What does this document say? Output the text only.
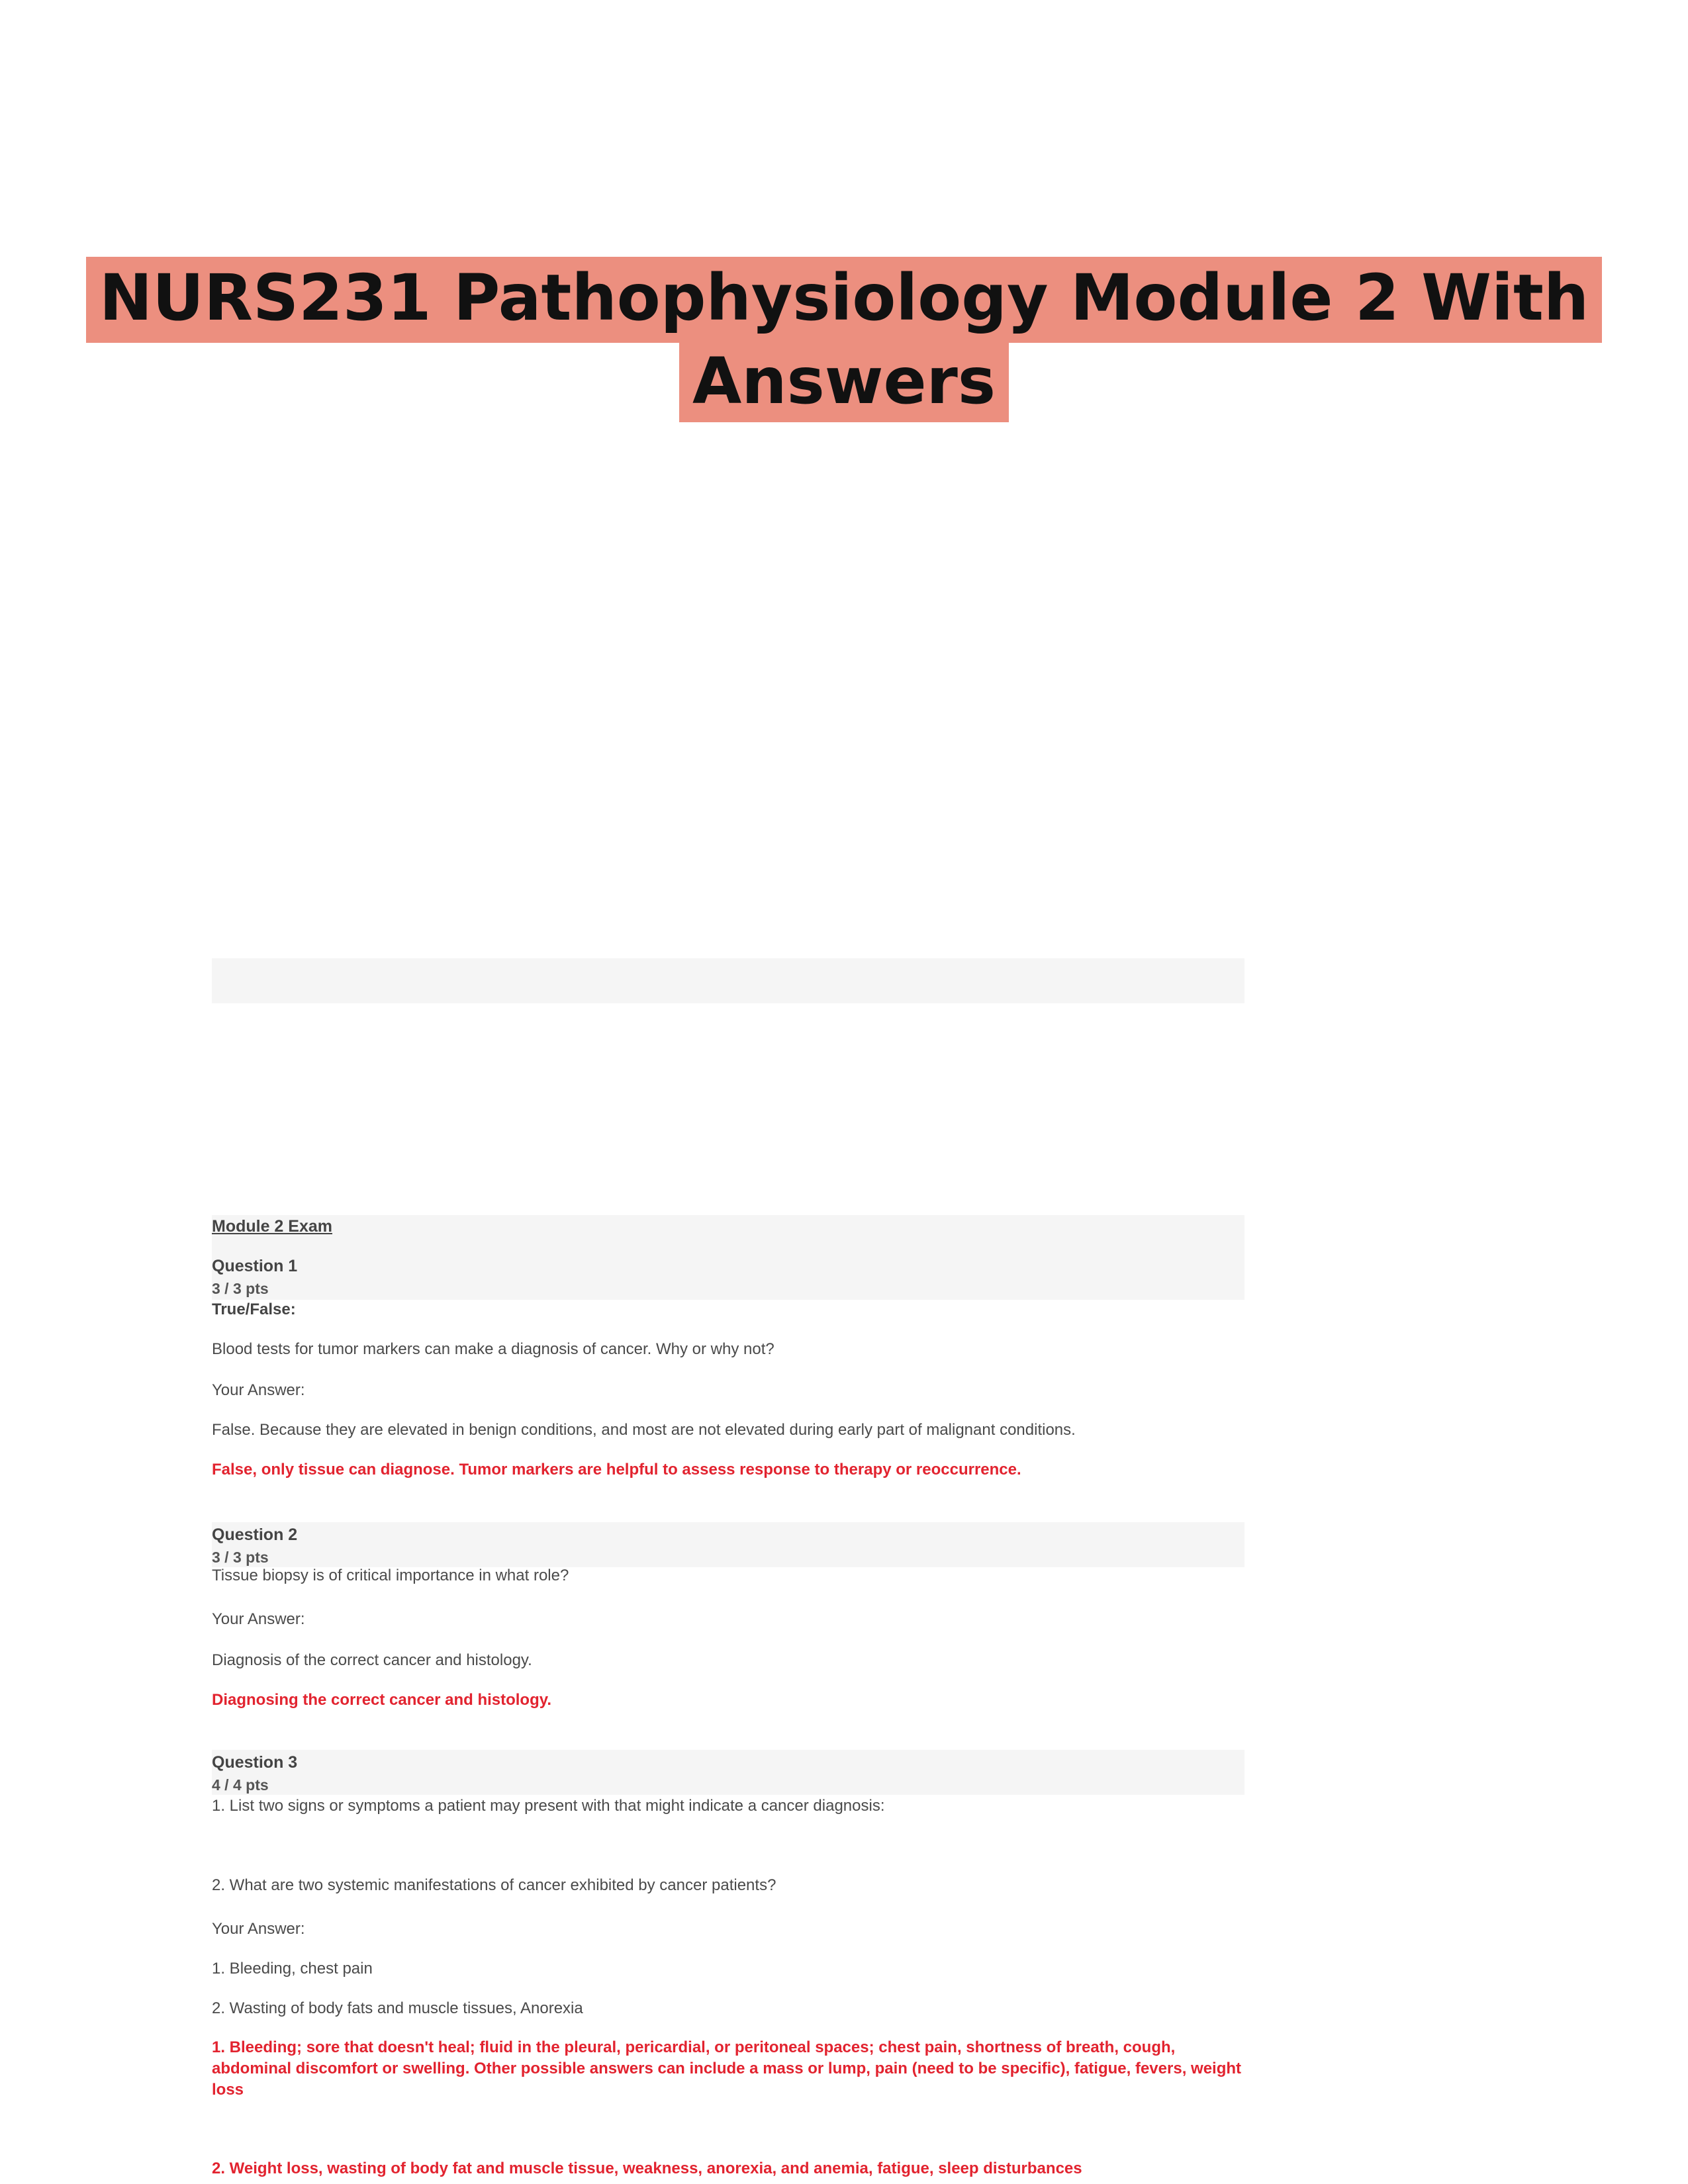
NURS231 Pathophysiology Module 2 With
Answers
Module 2 Exam
Question 1
3 / 3 pts
True/False:
Blood tests for tumor markers can make a diagnosis of cancer. Why or why not?
Your Answer:
False. Because they are elevated in benign conditions, and most are not elevated during early part of malignant conditions.
False, only tissue can diagnose. Tumor markers are helpful to assess response to therapy or reoccurrence.
Question 2
3 / 3 pts
Tissue biopsy is of critical importance in what role?
Your Answer:
Diagnosis of the correct cancer and histology.
Diagnosing the correct cancer and histology.
Question 3
4 / 4 pts
1. List two signs or symptoms a patient may present with that might indicate a cancer diagnosis:
2. What are two systemic manifestations of cancer exhibited by cancer patients?
Your Answer:
1. Bleeding, chest pain
2. Wasting of body fats and muscle tissues, Anorexia
1. Bleeding; sore that doesn't heal; fluid in the pleural, pericardial, or peritoneal spaces; chest pain, shortness of breath, cough, abdominal discomfort or swelling. Other possible answers can include a mass or lump, pain (need to be specific), fatigue, fevers, weight loss
2. Weight loss, wasting of body fat and muscle tissue, weakness, anorexia, and anemia, fatigue, sleep disturbances
